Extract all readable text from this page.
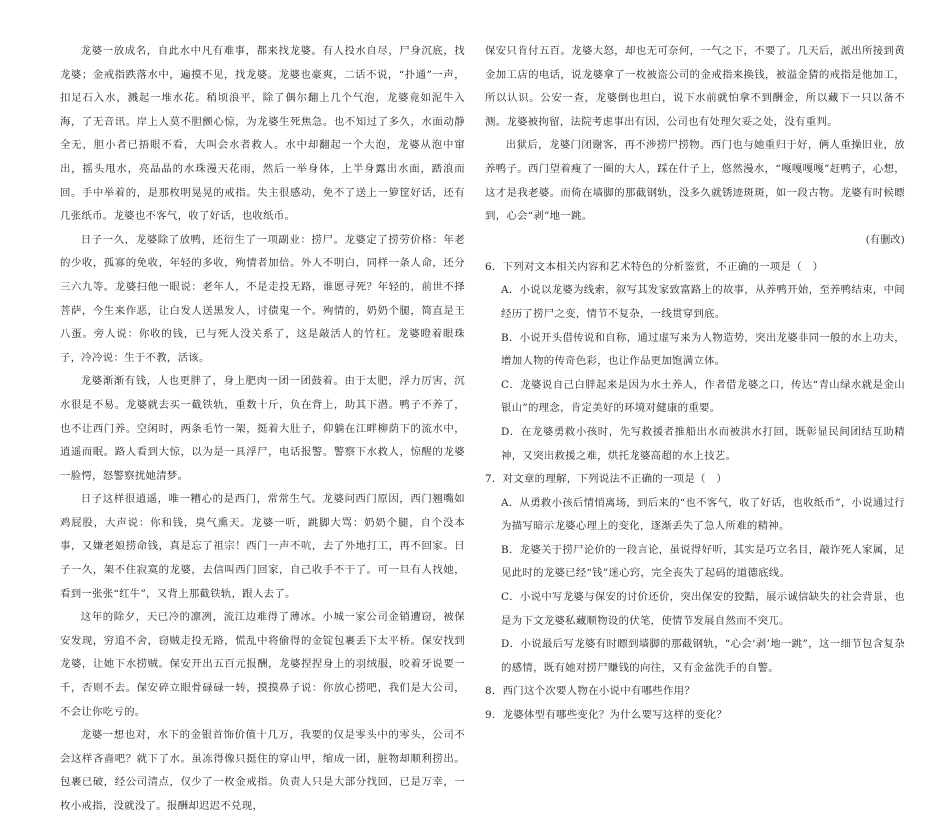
龙婆一放成名，自此水中凡有难事，都来找龙婆。有人投水自尽，尸身沉底，找龙婆；金戒指跌落水中，遍摸不见，找龙婆。龙婆也豪爽，二话不说，“扑通”一声，扣足石入水，溅起一堆水花。稍顷浪平，除了偶尔翻上几个气泡，龙婆竟如泥牛入海，了无音讯。岸上人莫不胆颤心惊，为龙婆生死焦急。也不知过了多久，水面动静全无，胆小者已捂眼不看，大叫会水者救人。水中却翻起一个大泡，龙婆从泡中窜出，摇头甩水，亮晶晶的水珠漫天花雨，然后一举身体，上半身露出水面，踏浪而回。手中举着的，是那枚明晃晃的戒指。失主很感动，免不了送上一箩筐好话，还有几张纸币。龙婆也不客气，收了好话，也收纸币。

日子一久，龙婆除了放鸭，还衍生了一项副业：捞尸。龙婆定了捞劳价格：年老的少收，孤寡的免收，年轻的多收，殉情者加倍。外人不明白，同样一条人命，还分三六九等。龙婆扫他一眼说：老年人，不是走投无路，谁愿寻死？年轻的，前世不择菩萨，今生来作恶，让白发人送黑发人，讨债鬼一个。殉情的，奶奶个腿，简直是王八蛋。旁人说：你收的钱，已与死人没关系了，这是敲活人的竹杠。龙婆瞪着眼珠子，冷冷说：生于不教，活该。

龙婆渐渐有钱，人也更胖了，身上肥肉一团一团鼓着。由于太肥，浮力厉害，沉水很是不易。龙婆就去买一截铁轨，重数十斤，负在背上，助其下潜。鸭子不养了，也不让西门养。空闲时，两条毛竹一架，挺着大肚子，仰躺在江畔柳荫下的流水中，逍遥而眠。路人看到大惊，以为是一具浮尸，电话报警。警察下水救人，惊醒的龙婆一脸愕，怒警察扰她清梦。

日子这样很逍遥，唯一糟心的是西门，常常生气。龙婆问西门原因，西门翘嘴如鸡屁股，大声说：你和钱，臭气熏天。龙婆一听，跳脚大骂：奶奶个腿，自个没本事，又嫌老娘捞命钱，真是忘了祖宗！西门一声不吭，去了外地打工，再不回家。日子一久，架不住寂寞的龙婆，去信叫西门回家，自己收手不干了。可一旦有人找她，看到一张张“红牛”，又背上那截铁轨，跟人去了。

这年的除夕，天已冷的凛冽，流江边难得了薄冰。小城一家公司金销遭窃，被保安发现，穷追不舍，窃贼走投无路，慌乱中将偷得的金锭包裹丢下太平桥。保安找到龙婆，让她下水捞贼。保安开出五百元报酬，龙婆捏捏身上的羽绒服，咬着牙说要一千，否则不去。保安碎立眼骨碌碌一转，摸摸鼻子说：你放心捞吧，我们是大公司，不会让你吃亏的。

龙婆一想也对，水下的金银首饰价值十几万，我要的仅是零头中的零头，公司不会这样吝啬吧？就下了水。虽冻得像只挺住的穿山甲，缩成一团，脏物却顺利捞出。包裹已破，经公司清点，仅少了一枚金戒指。负责人只是大部分找回，已是万幸，一枚小戒指，没就没了。报酬却迟迟不兑现，

保安只肯付五百。龙婆大怒，却也无可奈何，一气之下，不要了。几天后，派出所接到黄金加工店的电话，说龙婆拿了一枚被盗公司的金戒指来换钱，被溢金猜的戒指是他加工，所以认识。公安一查，龙婆倒也坦白，说下水前就怕拿不到酬金，所以藏下一只以备不测。龙婆被拘留，法院考虑事出有因，公司也有处理欠妥之处，没有重判。

出狱后，龙婆门闭谢客，再不涉捞尸捞物。西门也与她重归于好，俩人重操旧业，放养鸭子。西门望着瘦了一圈的大人，踩在什子上，悠然漫水，“嘎嘎嘎嘎”赶鸭子，心想，这才是我老婆。而倚在墙脚的那截钢轨，没多久就锈迹斑斑，如一段古物。龙婆有时候瞟到，心会“剥”地一跳。

(有删改)

6．下列对文本相关内容和艺术特色的分析鉴赏，不正确的一项是（　）

A．小说以龙婆为线索，叙写其发家致富路上的故事，从养鸭开始，至养鸭结束，中间经历了捞尸之变，情节不复杂，一线贯穿到底。

B．小说开头借传说和自称，通过虚写来为人物造势，突出龙婆非同一般的水上功夫，增加人物的传奇色彩，也让作品更加饱满立体。

C．龙婆说自己白胖起来是因为水土养人，作者借龙婆之口，传达“青山绿水就是金山银山”的理念，肯定美好的环境对健康的重要。

D．在龙婆勇救小孩时，先写救援者推船出水而被洪水打回，既彰显民间团结互助精神，又突出救援之难，烘托龙婆高超的水上技艺。

7．对文章的理解，下列说法不正确的一项是（　）

A．从勇救小孩后情悄离场，到后来的“也不客气，收了好话，也收纸币”，小说通过行为描写暗示龙婆心理上的变化，逐渐丢失了急人所难的精神。

B．龙婆关于捞尸论价的一段言论，虽说得好听，其实是巧立名目，敲诈死人家属，足见此时的龙婆已经“钱”迷心窍，完全丧失了起码的道德底线。

C．小说中写龙婆与保安的讨价还价，突出保安的狡黠，展示诚信缺失的社会背景，也是为下文龙婆私藏顺物设的伏笔，使情节发展自然而不突兀。

D．小说最后写龙婆有时瞟到墙脚的那截钢轨，“心会‘剥’地一跳”，这一细节包含复杂的感情，既有她对捞尸赚钱的向往，又有金盆洗手的自警。

8．西门这个次要人物在小说中有哪些作用？

9．龙婆体型有哪些变化？为什么要写这样的变化？
